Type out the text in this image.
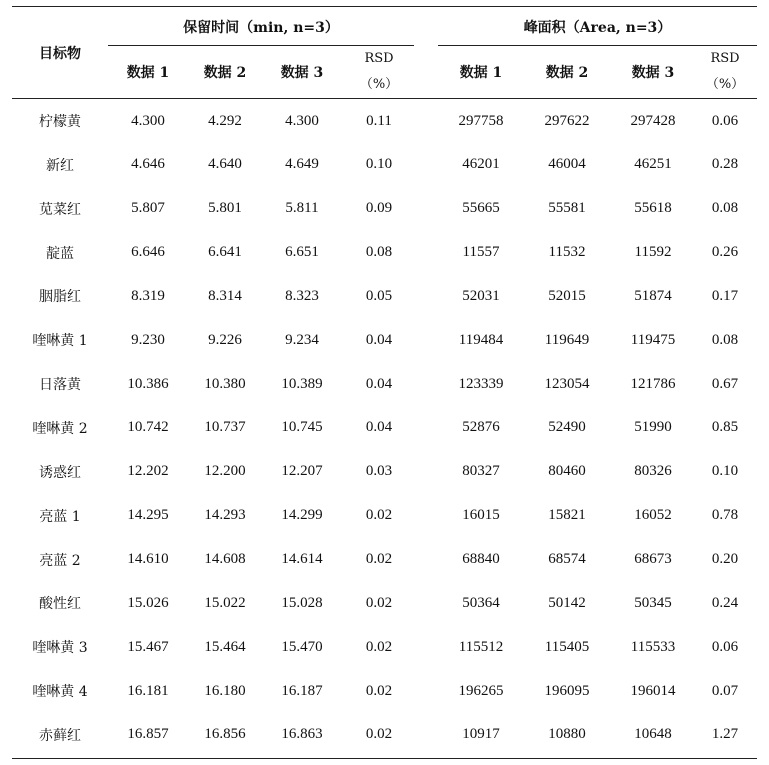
目标物
保留时间（min, n=3）	峰面积（Area, n=3）
数据 1	数据 2	数据 3
RSD
（%）
数据 1	数据 2	数据 3
RSD
（%）
柠檬黄	4.300	4.292	4.300	0.11	297758	297622	297428	0.06
新红	4.646	4.640	4.649	0.10	46201	46004	46251	0.28
苋菜红	5.807	5.801	5.811	0.09	55665	55581	55618	0.08
靛蓝	6.646	6.641	6.651	0.08	11557	11532	11592	0.26
胭脂红	8.319	8.314	8.323	0.05	52031	52015	51874	0.17
喹啉黄 1	9.230	9.226	9.234	0.04	119484	119649	119475	0.08
日落黄	10.386	10.380	10.389	0.04	123339	123054	121786	0.67
喹啉黄 2	10.742	10.737	10.745	0.04	52876	52490	51990	0.85
诱惑红	12.202	12.200	12.207	0.03	80327	80460	80326	0.10
亮蓝 1	14.295	14.293	14.299	0.02	16015	15821	16052	0.78
亮蓝 2	14.610	14.608	14.614	0.02	68840	68574	68673	0.20
酸性红	15.026	15.022	15.028	0.02	50364	50142	50345	0.24
喹啉黄 3	15.467	15.464	15.470	0.02	115512	115405	115533	0.06
喹啉黄 4	16.181	16.180	16.187	0.02	196265	196095	196014	0.07
赤藓红	16.857	16.856	16.863	0.02	10917	10880	10648	1.27
